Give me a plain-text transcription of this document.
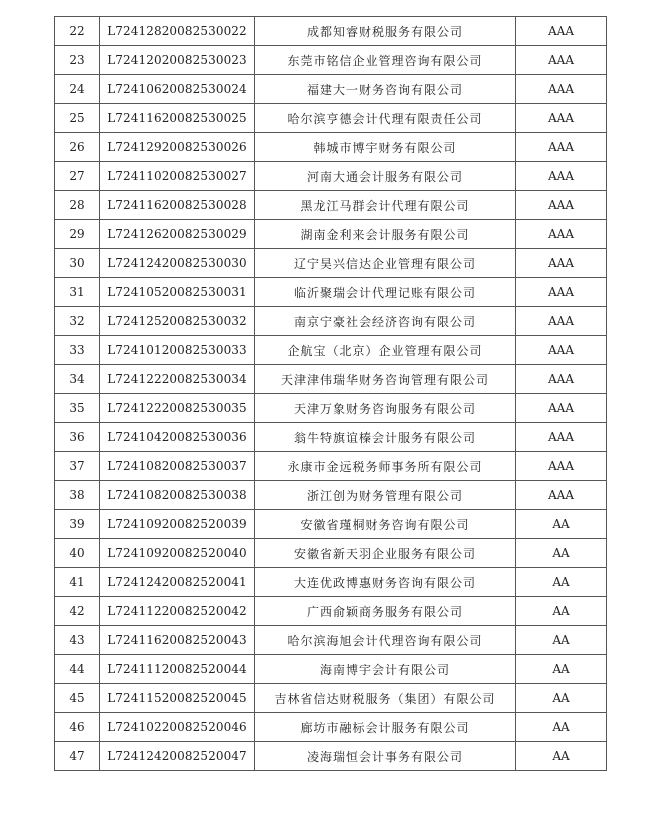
22	L72412820082530022	成都知睿财税服务有限公司	AAA
23	L72412020082530023	东莞市铭信企业管理咨询有限公司	AAA
24	L72410620082530024	福建大一财务咨询有限公司	AAA
25	L72411620082530025	哈尔滨亨德会计代理有限责任公司	AAA
26	L72412920082530026	韩城市博宇财务有限公司	AAA
27	L72411020082530027	河南大通会计服务有限公司	AAA
28	L72411620082530028	黑龙江马群会计代理有限公司	AAA
29	L72412620082530029	湖南金利来会计服务有限公司	AAA
30	L72412420082530030	辽宁昊兴信达企业管理有限公司	AAA
31	L72410520082530031	临沂聚瑞会计代理记账有限公司	AAA
32	L72412520082530032	南京宁豪社会经济咨询有限公司	AAA
33	L72410120082530033	企航宝（北京）企业管理有限公司	AAA
34	L72412220082530034	天津津伟瑞华财务咨询管理有限公司	AAA
35	L72412220082530035	天津万象财务咨询服务有限公司	AAA
36	L72410420082530036	翁牛特旗谊榛会计服务有限公司	AAA
37	L72410820082530037	永康市金远税务师事务所有限公司	AAA
38	L72410820082530038	浙江创为财务管理有限公司	AAA
39	L72410920082520039	安徽省瑾桐财务咨询有限公司	AA
40	L72410920082520040	安徽省新天羽企业服务有限公司	AA
41	L72412420082520041	大连优政博惠财务咨询有限公司	AA
42	L72411220082520042	广西俞颖商务服务有限公司	AA
43	L72411620082520043	哈尔滨海旭会计代理咨询有限公司	AA
44	L72411120082520044	海南博宇会计有限公司	AA
45	L72411520082520045	吉林省信达财税服务（集团）有限公司	AA
46	L72410220082520046	廊坊市融标会计服务有限公司	AA
47	L72412420082520047	凌海瑞恒会计事务有限公司	AA
